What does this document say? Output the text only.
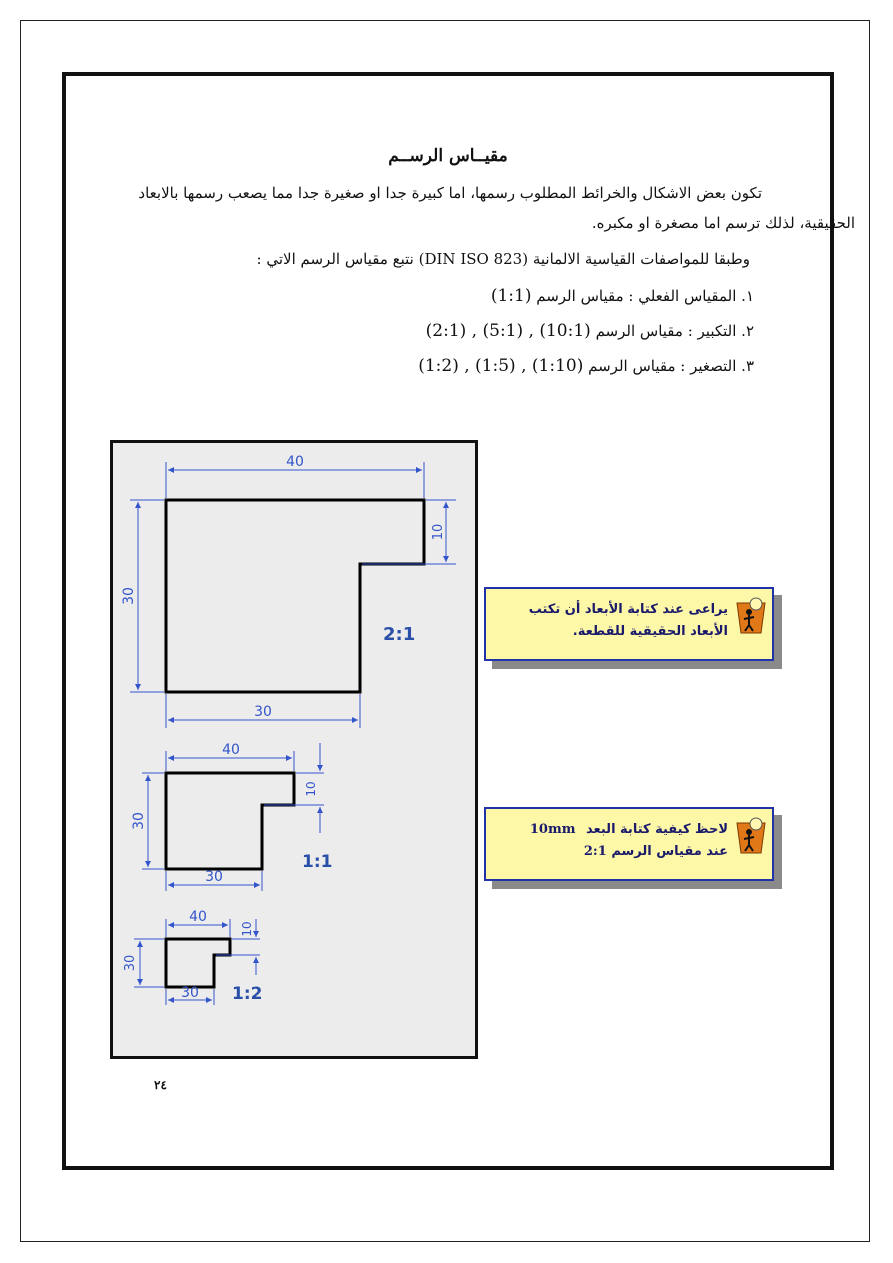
مقيــاس الرســم
تكون بعض الاشكال والخرائط المطلوب رسمها، اما كبيرة جدا او صغيرة جدا مما يصعب رسمها بالابعاد
الحقيقية، لذلك ترسم اما مصغرة او مكبره.
وطبقا للمواصفات القياسية الالمانية (DIN ISO 823) نتبع مقياس الرسم الاتي :
١. المقياس الفعلي : مقياس الرسم (1:1)
٢. التكبير : مقياس الرسم (2:1) , (5:1) , (10:1)
٣. التصغير : مقياس الرسم (1:2) , (1:5) , (1:10)
٢٤
40
10
30
30
2:1
40
10
30
30
1:1
40
10
30
30 1:2
يراعى عند كتابة الأبعاد أن تكتب
الأبعاد الحقيقية للقطعة.
لاحظ كيفية كتابة البعد 10mm
عند مقياس الرسم 2:1
